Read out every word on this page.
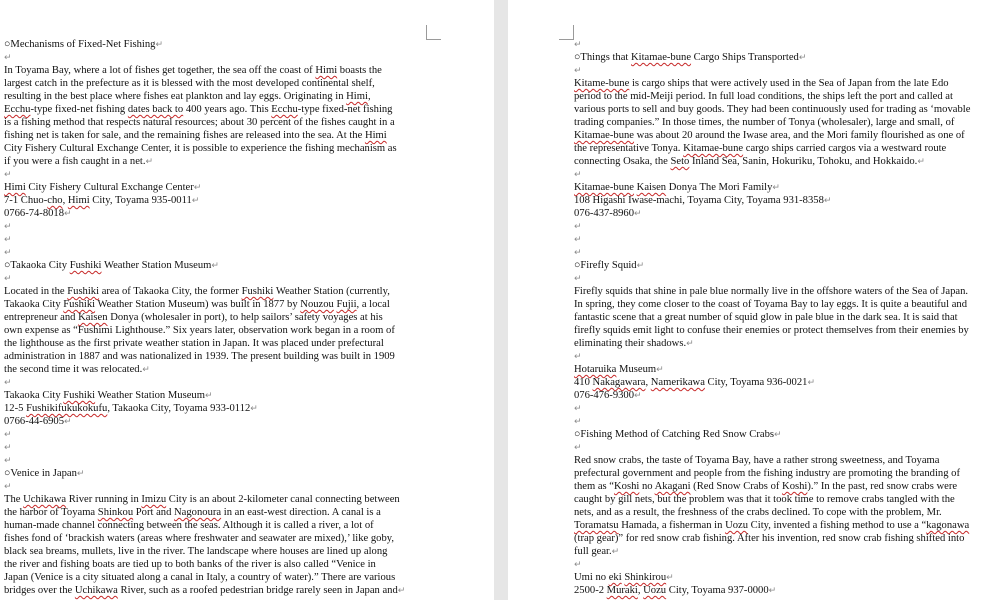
○Mechanisms of Fixed-Net Fishing↵
↵
In Toyama Bay, where a lot of fishes get together, the sea off the coast of Himi boasts the
largest catch in the prefecture as it is blessed with the most developed continental shelf,
resulting in the best place where fishes eat plankton and lay eggs. Originating in Himi,
Ecchu-type fixed-net fishing dates back to 400 years ago. This Ecchu-type fixed-net fishing
is a fishing method that respects natural resources; about 30 percent of the fishes caught in a
fishing net is taken for sale, and the remaining fishes are released into the sea. At the Himi
City Fishery Cultural Exchange Center, it is possible to experience the fishing mechanism as
if you were a fish caught in a net.↵
↵
Himi City Fishery Cultural Exchange Center↵
7-1 Chuo-cho, Himi City, Toyama 935-0011↵
0766-74-8018↵
↵
↵
↵
○Takaoka City Fushiki Weather Station Museum↵
↵
Located in the Fushiki area of Takaoka City, the former Fushiki Weather Station (currently,
Takaoka City Fushiki Weather Station Museum) was built in 1877 by Nouzou Fujii, a local
entrepreneur and Kaisen Donya (wholesaler in port), to help sailors’ safety voyages at his
own expense as “Fushimi Lighthouse.” Six years later, observation work began in a room of
the lighthouse as the first private weather station in Japan. It was placed under prefectural
administration in 1887 and was nationalized in 1939. The present building was built in 1909
the second time it was relocated.↵
↵
Takaoka City Fushiki Weather Station Museum↵
12-5 Fushikifukukokufu, Takaoka City, Toyama 933-0112↵
0766-44-6905↵
↵
↵
↵
○Venice in Japan↵
↵
The Uchikawa River running in Imizu City is an about 2-kilometer canal connecting between
the harbor of Toyama Shinkou Port and Nagonoura in an east-west direction. A canal is a
human-made channel connecting between the seas. Although it is called a river, a lot of
fishes fond of ‘brackish waters (areas where freshwater and seawater are mixed),’ like goby,
black sea breams, mullets, live in the river. The landscape where houses are lined up along
the river and fishing boats are tied up to both banks of the river is also called “Venice in
Japan (Venice is a city situated along a canal in Italy, a country of water).” There are various
bridges over the Uchikawa River, such as a roofed pedestrian bridge rarely seen in Japan and↵
↵
○Things that Kitamae-bune Cargo Ships Transported↵
↵
Kitame-bune is cargo ships that were actively used in the Sea of Japan from the late Edo
period to the mid-Meiji period. In full load conditions, the ships left the port and called at
various ports to sell and buy goods. They had been continuously used for trading as ‘movable
trading companies.” In those times, the number of Tonya (wholesaler), large and small, of
Kitamae-bune was about 20 around the Iwase area, and the Mori family flourished as one of
the representative Tonya. Kitamae-bune cargo ships carried cargos via a westward route
connecting Osaka, the Seto Inland Sea, Sanin, Hokuriku, Tohoku, and Hokkaido.↵
↵
Kitamae-bune Kaisen Donya The Mori Family↵
108 Higashi Iwase-machi, Toyama City, Toyama 931-8358↵
076-437-8960↵
↵
↵
↵
○Firefly Squid↵
↵
Firefly squids that shine in pale blue normally live in the offshore waters of the Sea of Japan.
In spring, they come closer to the coast of Toyama Bay to lay eggs. It is quite a beautiful and
fantastic scene that a great number of squid glow in pale blue in the dark sea. It is said that
firefly squids emit light to confuse their enemies or protect themselves from their enemies by
eliminating their shadows.↵
↵
Hotaruika Museum↵
410 Nakagawara, Namerikawa City, Toyama 936-0021↵
076-476-9300↵
↵
↵
○Fishing Method of Catching Red Snow Crabs↵
↵
Red snow crabs, the taste of Toyama Bay, have a rather strong sweetness, and Toyama
prefectural government and people from the fishing industry are promoting the branding of
them as “Koshi no Akagani (Red Snow Crabs of Koshi).” In the past, red snow crabs were
caught by gill nets, but the problem was that it took time to remove crabs tangled with the
nets, and as a result, the freshness of the crabs declined. To cope with the problem, Mr.
Toramatsu Hamada, a fisherman in Uozu City, invented a fishing method to use a “kagonawa
(trap gear)” for red snow crab fishing. After his invention, red snow crab fishing shifted into
full gear.↵
↵
Umi no eki Shinkirou↵
2500-2 Muraki, Uozu City, Toyama 937-0000↵
